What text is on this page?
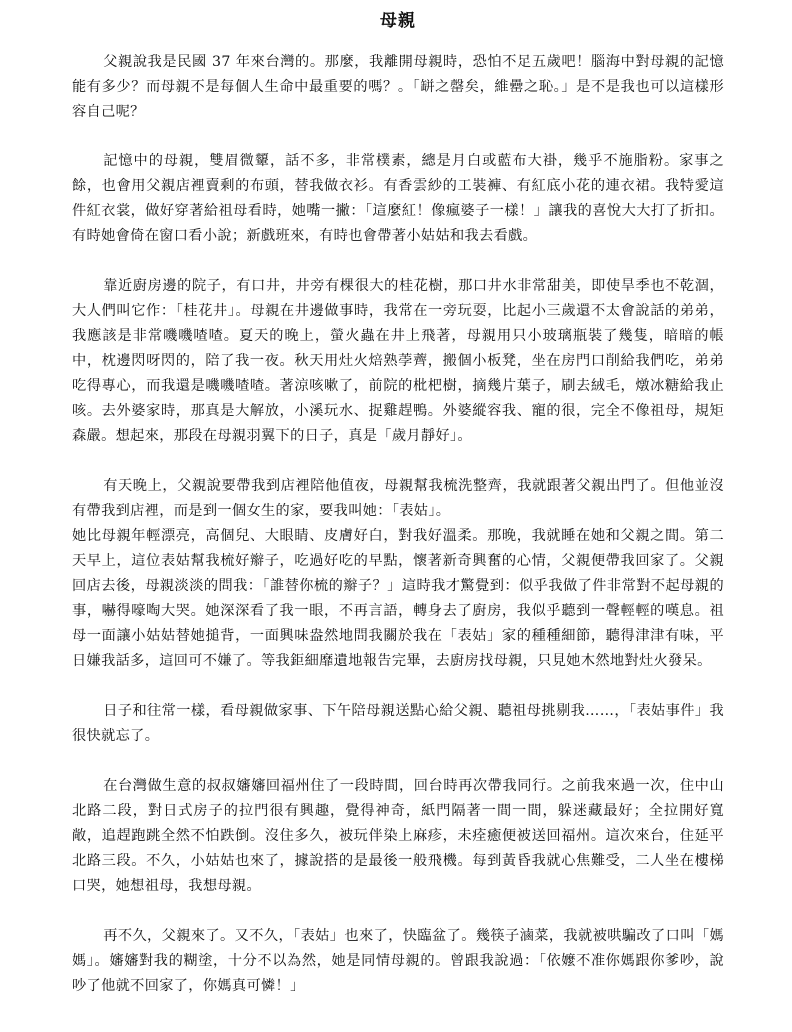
母親

父親說我是民國 37 年來台灣的。那麼，我離開母親時，恐怕不足五歲吧！腦海中對母親的記憶能有多少？而母親不是每個人生命中最重要的嗎？。「缾之罄矣，維罍之恥。」是不是我也可以這樣形容自己呢？

記憶中的母親，雙眉微顰，話不多，非常樸素，總是月白或藍布大褂，幾乎不施脂粉。家事之餘，也會用父親店裡賣剩的布頭，替我做衣衫。有香雲紗的工裝褲、有紅底小花的連衣裙。我特愛這件紅衣裳，做好穿著給祖母看時，她嘴一撇：「這麼紅！像瘋婆子一樣！」讓我的喜悅大大打了折扣。有時她會倚在窗口看小說；新戲班來，有時也會帶著小姑姑和我去看戲。

靠近廚房邊的院子，有口井，井旁有棵很大的桂花樹，那口井水非常甜美，即使旱季也不乾涸，大人們叫它作：「桂花井」。母親在井邊做事時，我常在一旁玩耍，比起小三歲還不太會說話的弟弟，我應該是非常嘰嘰喳喳。夏天的晚上，螢火蟲在井上飛著，母親用只小玻璃瓶裝了幾隻，暗暗的帳中，枕邊閃呀閃的，陪了我一夜。秋天用灶火焙熟荸薺，搬個小板凳，坐在房門口削給我們吃，弟弟吃得專心，而我還是嘰嘰喳喳。著涼咳嗽了，前院的枇杷樹，摘幾片葉子，刷去絨毛，燉冰糖給我止咳。去外婆家時，那真是大解放，小溪玩水、捉雞趕鴨。外婆縱容我、寵的很，完全不像祖母，規矩森嚴。想起來，那段在母親羽翼下的日子，真是「歲月靜好」。

有天晚上，父親說要帶我到店裡陪他值夜，母親幫我梳洗整齊，我就跟著父親出門了。但他並沒有帶我到店裡，而是到一個女生的家，要我叫她：「表姑」。

她比母親年輕漂亮，高個兒、大眼睛、皮膚好白，對我好溫柔。那晚，我就睡在她和父親之間。第二天早上，這位表姑幫我梳好辮子，吃過好吃的早點，懷著新奇興奮的心情，父親便帶我回家了。父親回店去後，母親淡淡的問我：「誰替你梳的辮子？」這時我才驚覺到：似乎我做了件非常對不起母親的事，嚇得嚎啕大哭。她深深看了我一眼，不再言語，轉身去了廚房，我似乎聽到一聲輕輕的嘆息。祖母一面讓小姑姑替她搥背，一面興味盎然地問我關於我在「表姑」家的種種細節，聽得津津有味，平日嫌我話多，這回可不嫌了。等我鉅細靡遺地報告完畢，去廚房找母親，只見她木然地對灶火發呆。

日子和往常一樣，看母親做家事、下午陪母親送點心給父親、聽祖母挑剔我……，「表姑事件」我很快就忘了。

在台灣做生意的叔叔嬸嬸回福州住了一段時間，回台時再次帶我同行。之前我來過一次，住中山北路二段，對日式房子的拉門很有興趣，覺得神奇，紙門隔著一間一間，躲迷藏最好；全拉開好寬敞，追趕跑跳全然不怕跌倒。沒住多久，被玩伴染上麻疹，未痊癒便被送回福州。這次來台，住延平北路三段。不久，小姑姑也來了，據說搭的是最後一般飛機。每到黃昏我就心焦難受，二人坐在樓梯口哭，她想祖母，我想母親。

再不久，父親來了。又不久，「表姑」也來了，快臨盆了。幾筷子滷菜，我就被哄騙改了口叫「媽媽」。嬸嬸對我的糊塗，十分不以為然，她是同情母親的。曾跟我說過：「依嬤不准你媽跟你爹吵，說吵了他就不回家了，你媽真可憐！」
